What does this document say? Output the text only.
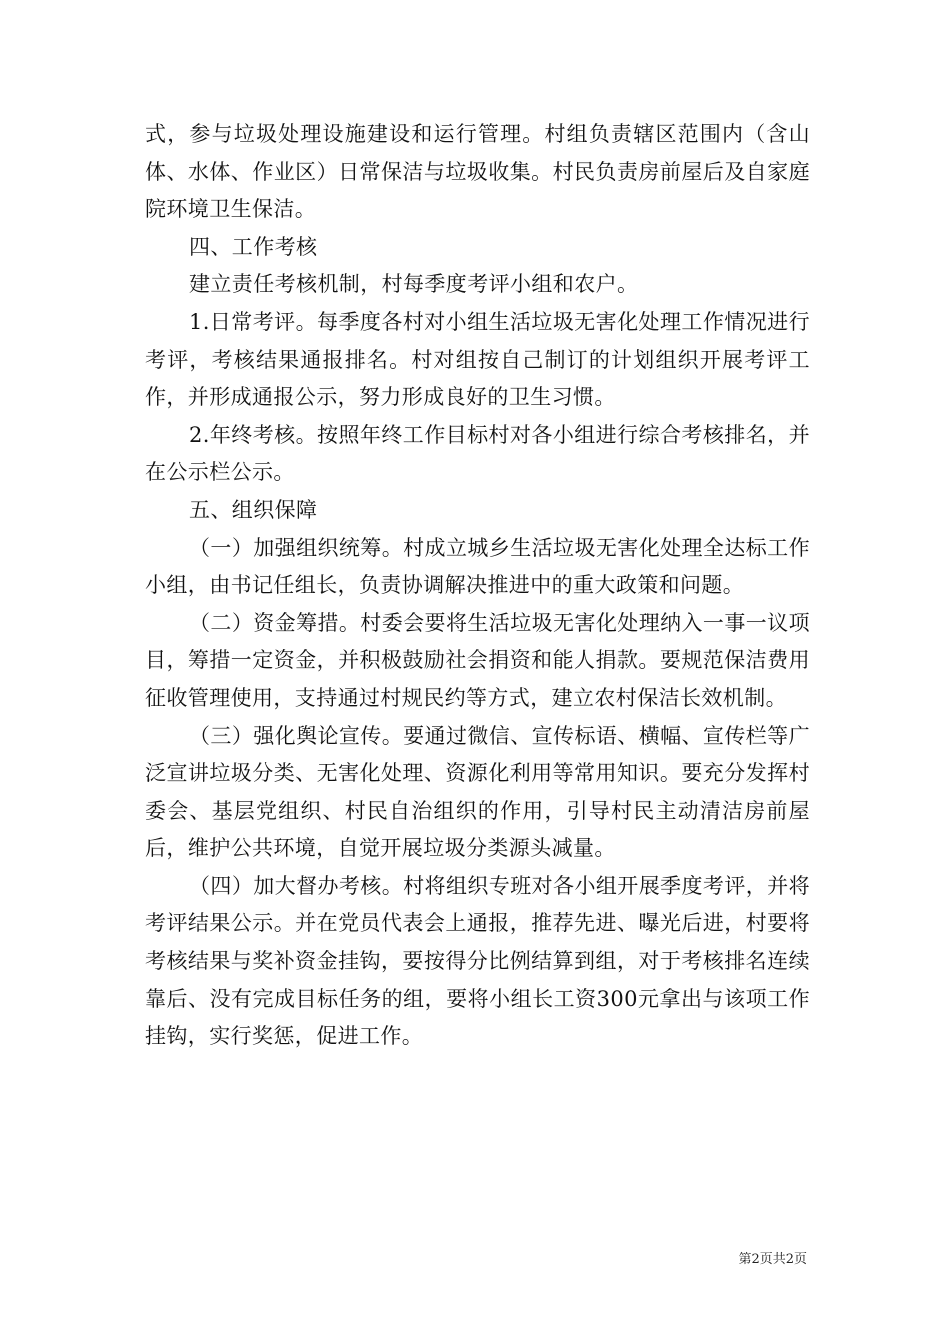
式，参与垃圾处理设施建设和运行管理。村组负责辖区范围内（含山体、水体、作业区）日常保洁与垃圾收集。村民负责房前屋后及自家庭院环境卫生保洁。

四、工作考核

建立责任考核机制，村每季度考评小组和农户。

1.日常考评。每季度各村对小组生活垃圾无害化处理工作情况进行考评，考核结果通报排名。村对组按自己制订的计划组织开展考评工作，并形成通报公示，努力形成良好的卫生习惯。

2.年终考核。按照年终工作目标村对各小组进行综合考核排名，并在公示栏公示。

五、组织保障

（一）加强组织统筹。村成立城乡生活垃圾无害化处理全达标工作小组，由书记任组长，负责协调解决推进中的重大政策和问题。

（二）资金筹措。村委会要将生活垃圾无害化处理纳入一事一议项目，筹措一定资金，并积极鼓励社会捐资和能人捐款。要规范保洁费用征收管理使用，支持通过村规民约等方式，建立农村保洁长效机制。

（三）强化舆论宣传。要通过微信、宣传标语、横幅、宣传栏等广泛宣讲垃圾分类、无害化处理、资源化利用等常用知识。要充分发挥村委会、基层党组织、村民自治组织的作用，引导村民主动清洁房前屋后，维护公共环境，自觉开展垃圾分类源头减量。

（四）加大督办考核。村将组织专班对各小组开展季度考评，并将考评结果公示。并在党员代表会上通报，推荐先进、曝光后进，村要将考核结果与奖补资金挂钩，要按得分比例结算到组，对于考核排名连续靠后、没有完成目标任务的组，要将小组长工资300元拿出与该项工作挂钩，实行奖惩，促进工作。

第2页共2页
